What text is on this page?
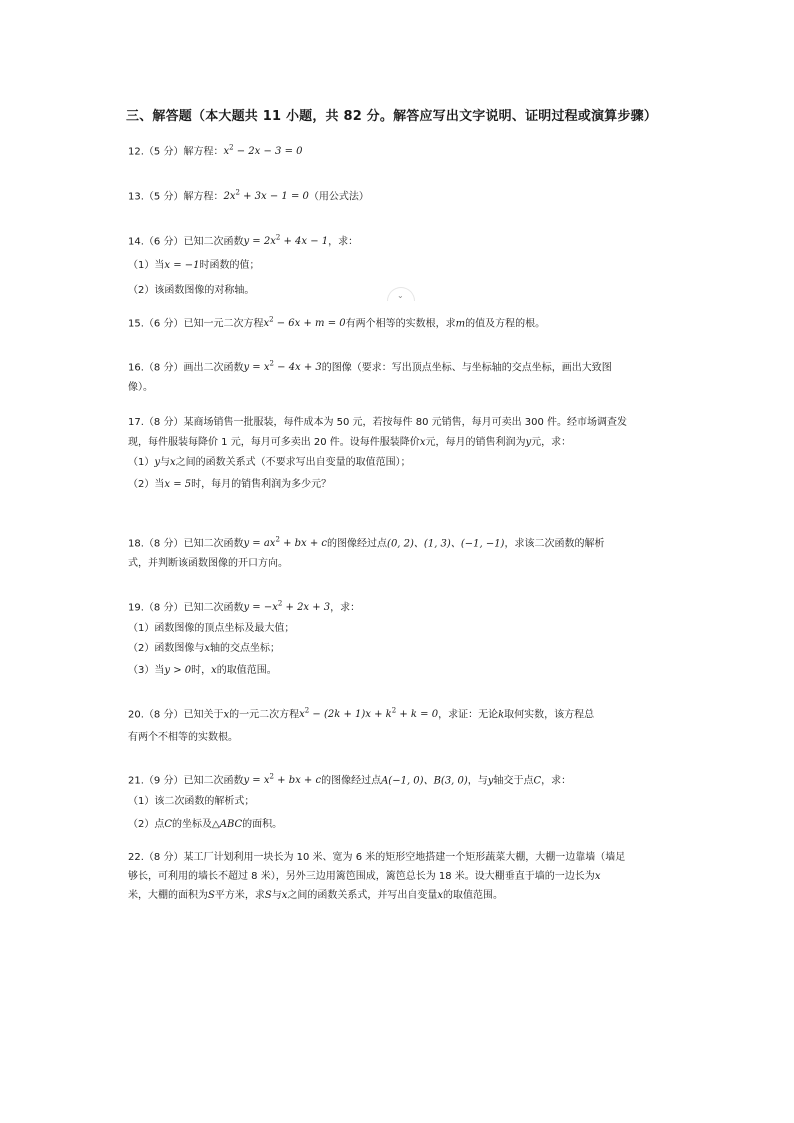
三、解答题（本大题共 11 小题，共 82 分。解答应写出文字说明、证明过程或演算步骤）
12.（5 分）解方程：$x^2 - 2x - 3 = 0$
13.（5 分）解方程：$2x^2 + 3x - 1 = 0$（用公式法）
14.（6 分）已知二次函数$y = 2x^2 + 4x - 1$，求：
（1）当x = −1时函数的值；
（2）该函数图像的对称轴。	⌄
15.（6 分）已知一元二次方程$x^2 - 6x + m = 0$有两个相等的实数根，求m的值及方程的根。
16.（8 分）画出二次函数$y = x^2 - 4x + 3$的图像（要求：写出顶点坐标、与坐标轴的交点坐标，画出大致图
像）。
17.（8 分）某商场销售一批服装，每件成本为 50 元，若按每件 80 元销售，每月可卖出 300 件。经市场调查发
现，每件服装每降价 1 元，每月可多卖出 20 件。设每件服装降价x元，每月的销售利润为y元，求：
（1）y与x之间的函数关系式（不要求写出自变量的取值范围）；
（2）当x = 5时，每月的销售利润为多少元？
18.（8 分）已知二次函数$y = ax^2$ + bx + c的图像经过点(0, 2)、(1, 3)、(−1, −1)，求该二次函数的解析
式，并判断该函数图像的开口方向。
19.（8 分）已知二次函数$y = -x^2 + 2x + 3$，求：
（1）函数图像的顶点坐标及最大值；
（2）函数图像与x轴的交点坐标；
（3）当y > 0时，x的取值范围。
20.（8 分）已知关于x的一元二次方程$x^2 - (2k + 1)x + k^2 + k = 0$，求证：无论k取何实数，该方程总
有两个不相等的实数根。
21.（9 分）已知二次函数$y = x^2$ + bx + c的图像经过点A(−1, 0)、B(3, 0)，与y轴交于点C，求：
（1）该二次函数的解析式；
（2）点C的坐标及△ABC的面积。
22.（8 分）某工厂计划利用一块长为 10 米、宽为 6 米的矩形空地搭建一个矩形蔬菜大棚，大棚一边靠墙（墙足
够长，可利用的墙长不超过 8 米），另外三边用篱笆围成，篱笆总长为 18 米。设大棚垂直于墙的一边长为x
米，大棚的面积为S平方米，求S与x之间的函数关系式，并写出自变量x的取值范围。
